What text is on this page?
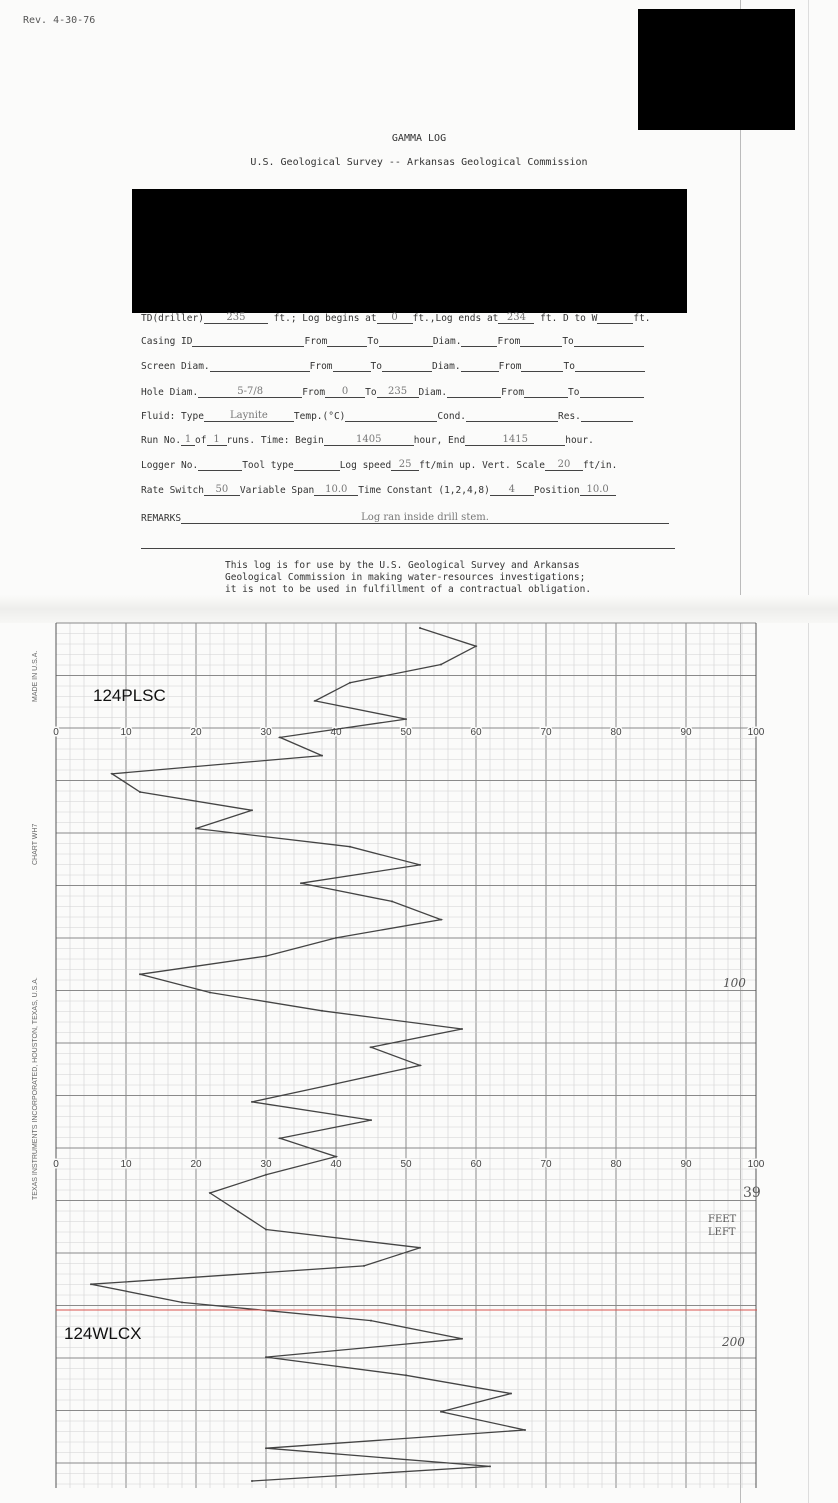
Rev. 4-30-76
GAMMA LOG
U.S. Geological Survey -- Arkansas Geological Commission
TD(driller) 235	ft.; Log begins at 0 ft.,Log ends at 234 ft. D to W	ft.
Casing ID	From	To	Diam.	From	To
Screen Diam.	From	To	Diam.	From	To
Hole Diam.	5-7/8	From 0 To 235 Diam.	From	To
Fluid: Type	Laynite	Temp.(°C)	Cond.	Res.
Run No. 1 of 1 runs. Time: Begin	1405	hour, End	1415	hour.
Logger No.	Tool type	Log speed 25 ft/min up. Vert. Scale 20 ft/in.
Rate Switch 50 Variable Span 10.0 Time Constant (1,2,4,8) 4 Position 10.0
REMARKS	Log ran inside drill stem.
This log is for use by the U.S. Geological Survey and Arkansas
Geological Commission in making water-resources investigations;
it is not to be used in fulfillment of a contractual obligation.
0	10	20	30	40	50	60	70	80	90	100
0	10	20	30	40	50	60	70	80	90	100
124PLSC
124WLCX
MADE IN U.S.A.
CHART WH7
TEXAS INSTRUMENTS INCORPORATED, HOUSTON, TEXAS, U.S.A.	100
200
39
FEET
LEFT
